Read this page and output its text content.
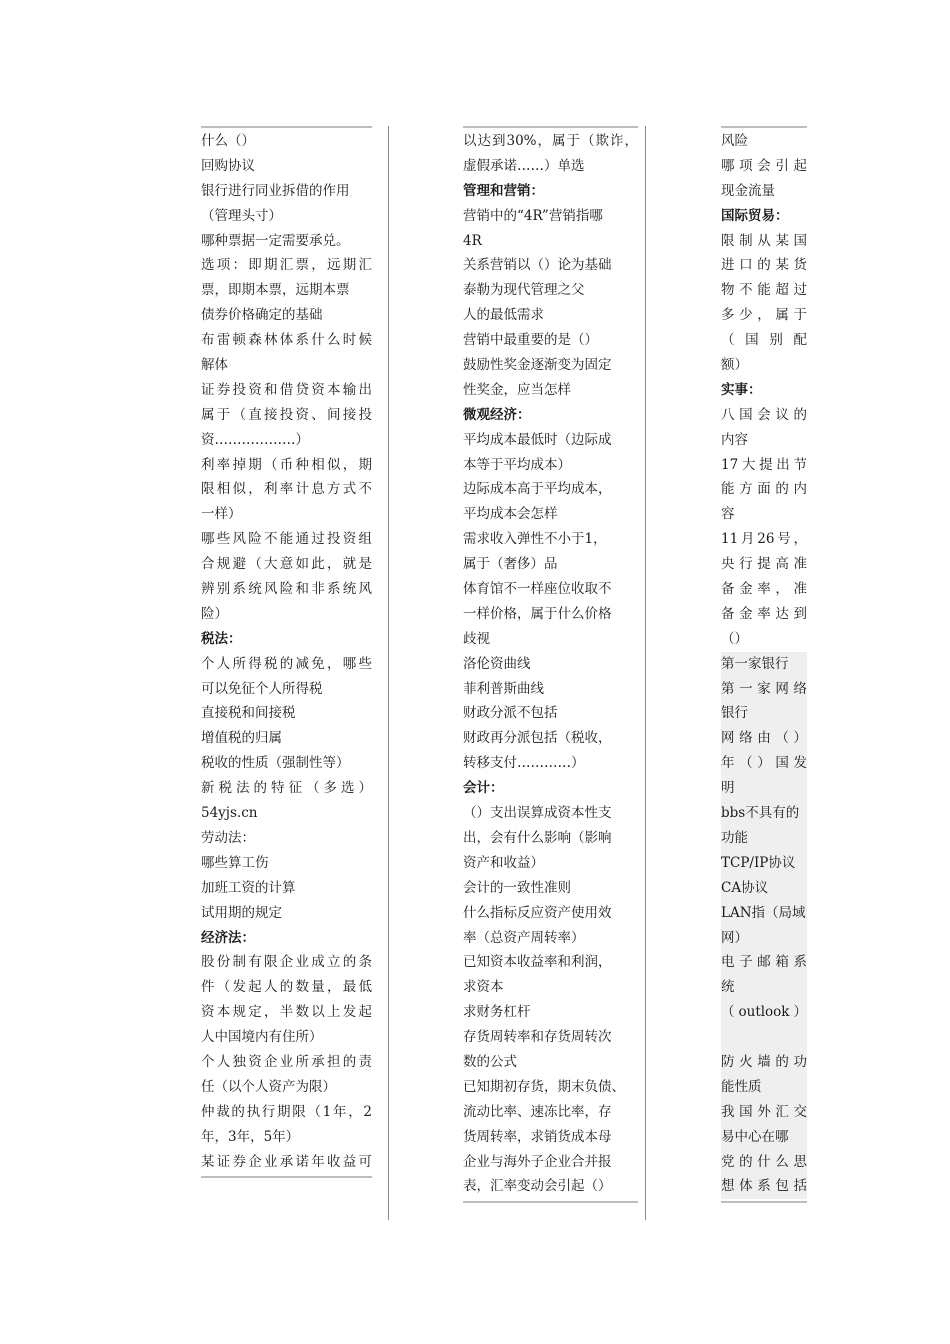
什么（）
回购协议
银行进行同业拆借的作用
（管理头寸）
哪种票据一定需要承兑。
选项：即期汇票，远期汇
票，即期本票，远期本票
债券价格确定的基础
布雷顿森林体系什么时候
解体
证券投资和借贷资本输出
属于（直接投资、间接投
资………………）
利率掉期（币种相似，期
限相似，利率计息方式不
一样）
哪些风险不能通过投资组
合规避（大意如此，就是
辨别系统风险和非系统风
险）
税法：
个人所得税的减免，哪些
可以免征个人所得税
直接税和间接税
增值税的归属
税收的性质（强制性等）
新税法的特征（多选）
54yjs.cn
劳动法：
哪些算工伤
加班工资的计算
试用期的规定
经济法：
股份制有限企业成立的条
件（发起人的数量，最低
资本规定，半数以上发起
人中国境内有住所）
个人独资企业所承担的责
任（以个人资产为限）
仲裁的执行期限（1年，2
年，3年，5年）
某证券企业承诺年收益可
以达到30%，属于（欺诈，
虚假承诺……）单选
管理和营销：
营销中的“4R”营销指哪
4R
关系营销以（）论为基础
泰勒为现代管理之父
人的最低需求
营销中最重要的是（）
鼓励性奖金逐渐变为固定
性奖金，应当怎样
微观经济：
平均成本最低时（边际成
本等于平均成本）
边际成本高于平均成本，
平均成本会怎样
需求收入弹性不小于1，
属于（奢侈）品
体育馆不一样座位收取不
一样价格，属于什么价格
歧视
洛伦资曲线
菲利普斯曲线
财政分派不包括
财政再分派包括（税收，
转移支付…………）
会计：
（）支出误算成资本性支
出，会有什么影响（影响
资产和收益）
会计的一致性准则
什么指标反应资产使用效
率（总资产周转率）
已知资本收益率和利润，
求资本
求财务杠杆
存货周转率和存货周转次
数的公式
已知期初存货，期末负债、
流动比率、速冻比率，存
货周转率，求销货成本母
企业与海外子企业合并报
表，汇率变动会引起（）
风险
哪项会引起
现金流量
国际贸易：
限制从某国
进口的某货
物不能超过
多少，属于
（国别配
额）
实事：
八国会议的
内容
17大提出节
能方面的内
容
11月26号，
央行提高准
备金率，准
备金率达到
（）
第一家银行
第一家网络
银行
网络由（）
年（）国发
明
bbs不具有的
功能
TCP/IP协议
CA协议
LAN指（局域
网）
电子邮箱系
统
（outlook）
防火墙的功
能性质
我国外汇交
易中心在哪
党的什么思
想体系包括
